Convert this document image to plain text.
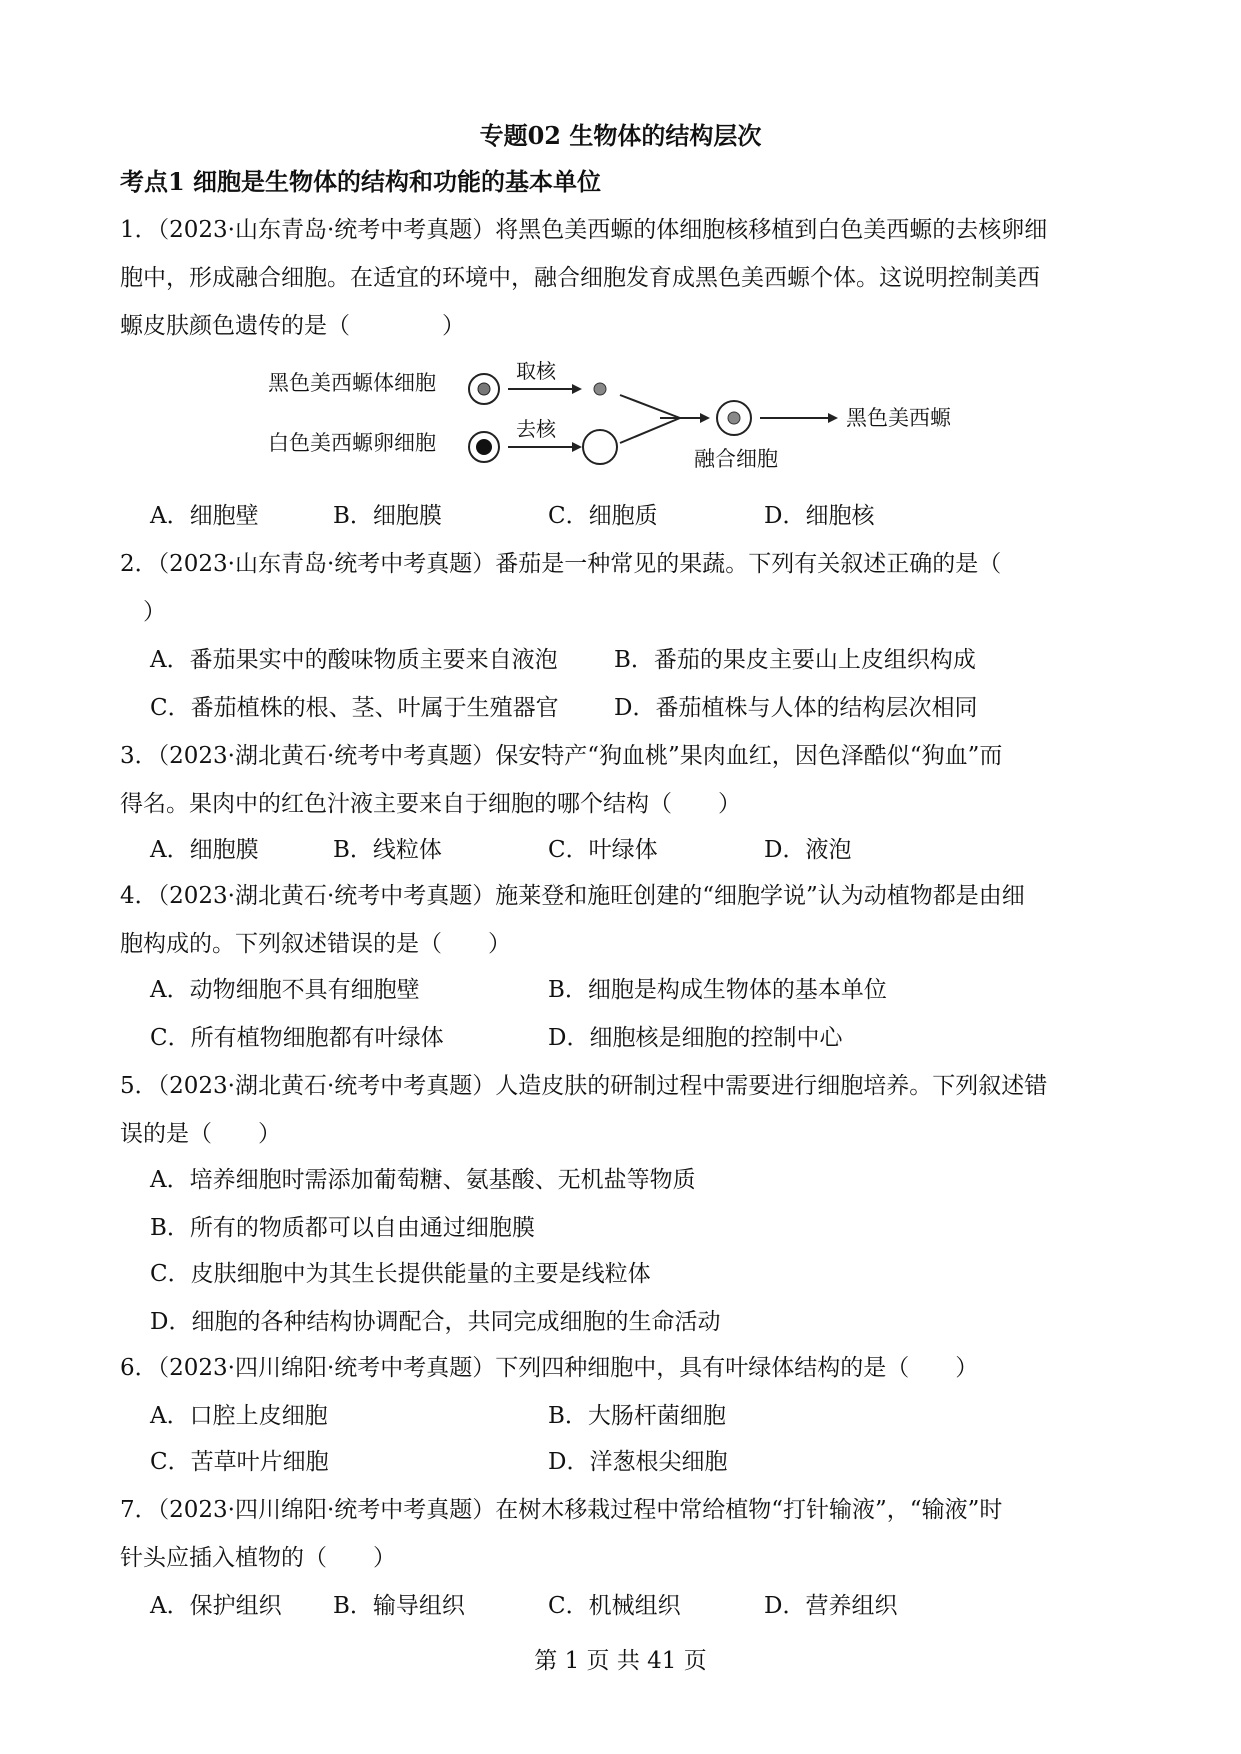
专题02 生物体的结构层次
考点1 细胞是生物体的结构和功能的基本单位
1．（2023·山东青岛·统考中考真题）将黑色美西螈的体细胞核移植到白色美西螈的去核卵细
胞中，形成融合细胞。在适宜的环境中，融合细胞发育成黑色美西螈个体。这说明控制美西
螈皮肤颜色遗传的是（　　　　）
黑色美西螈体细胞
白色美西螈卵细胞
取核
去核
融合细胞
黑色美西螈
A．细胞壁	B．细胞膜	C．细胞质	D．细胞核
2．（2023·山东青岛·统考中考真题）番茄是一种常见的果蔬。下列有关叙述正确的是（
　）
A．番茄果实中的酸味物质主要来自液泡 B．番茄的果皮主要山上皮组织构成
C．番茄植株的根、茎、叶属于生殖器官 D．番茄植株与人体的结构层次相同
3．（2023·湖北黄石·统考中考真题）保安特产“狗血桃”果肉血红，因色泽酷似“狗血”而
得名。果肉中的红色汁液主要来自于细胞的哪个结构（　　）
A．细胞膜	B．线粒体	C．叶绿体	D．液泡
4．（2023·湖北黄石·统考中考真题）施莱登和施旺创建的“细胞学说”认为动植物都是由细
胞构成的。下列叙述错误的是（　　）
A．动物细胞不具有细胞壁	B．细胞是构成生物体的基本单位
C．所有植物细胞都有叶绿体	D．细胞核是细胞的控制中心
5．（2023·湖北黄石·统考中考真题）人造皮肤的研制过程中需要进行细胞培养。下列叙述错
误的是（　　）
A．培养细胞时需添加葡萄糖、氨基酸、无机盐等物质
B．所有的物质都可以自由通过细胞膜
C．皮肤细胞中为其生长提供能量的主要是线粒体
D．细胞的各种结构协调配合，共同完成细胞的生命活动
6．（2023·四川绵阳·统考中考真题）下列四种细胞中，具有叶绿体结构的是（　　）
A．口腔上皮细胞	B．大肠杆菌细胞
C．苦草叶片细胞	D．洋葱根尖细胞
7．（2023·四川绵阳·统考中考真题）在树木移栽过程中常给植物“打针输液”，“输液”时
针头应插入植物的（　　）
A．保护组织 B．输导组织	C．机械组织	D．营养组织
第 1 页 共 41 页
